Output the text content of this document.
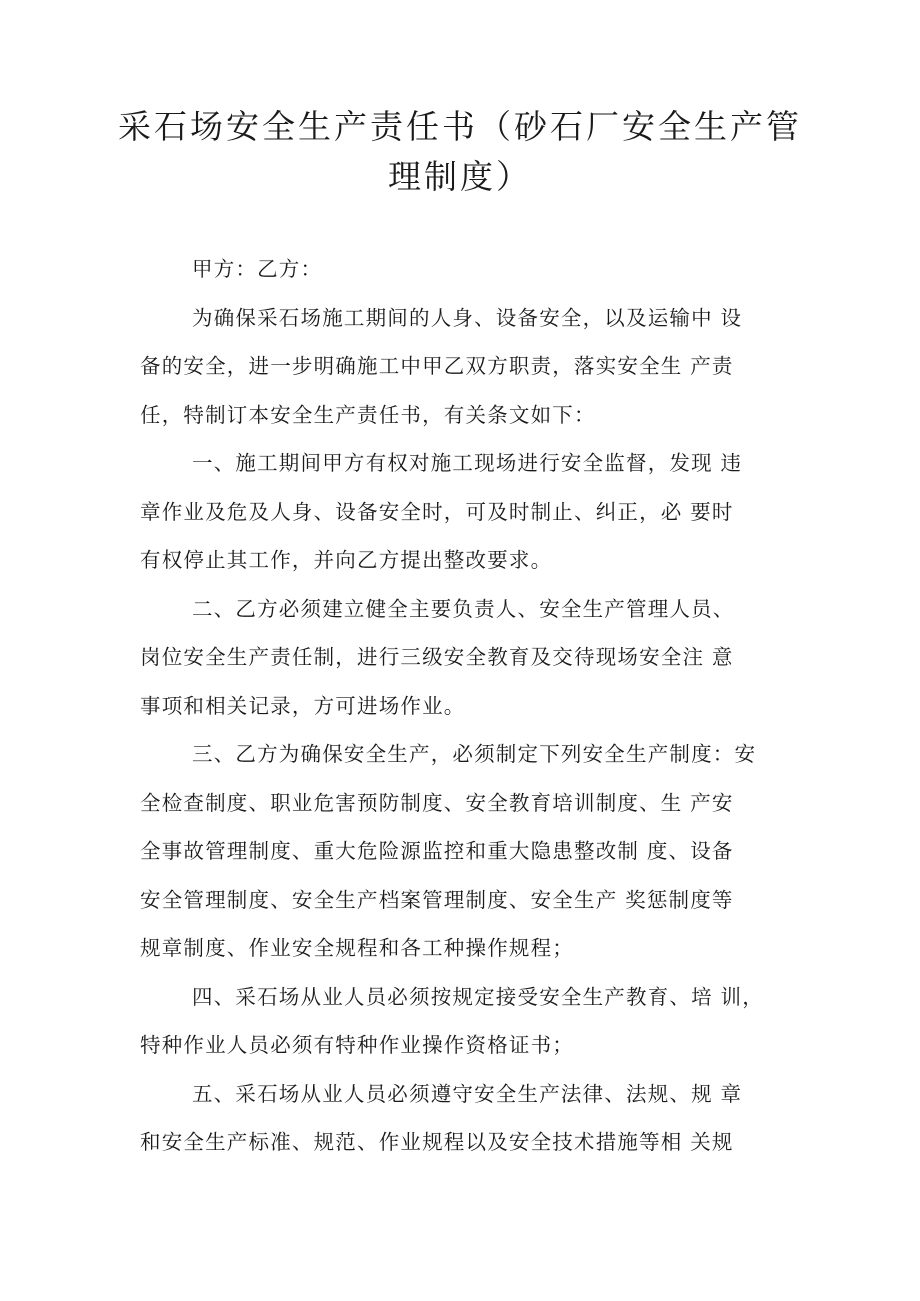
采石场安全生产责任书（砂石厂安全生产管
理制度）
甲方：乙方：
为确保采石场施工期间的人身、设备安全，以及运输中 设
备的安全，进一步明确施工中甲乙双方职责，落实安全生 产责
任，特制订本安全生产责任书，有关条文如下：
一、施工期间甲方有权对施工现场进行安全监督，发现 违
章作业及危及人身、设备安全时，可及时制止、纠正，必 要时
有权停止其工作，并向乙方提出整改要求。
二、乙方必须建立健全主要负责人、安全生产管理人员、
岗位安全生产责任制，进行三级安全教育及交待现场安全注 意
事项和相关记录，方可进场作业。
三、乙方为确保安全生产，必须制定下列安全生产制度：安
全检查制度、职业危害预防制度、安全教育培训制度、生 产安
全事故管理制度、重大危险源监控和重大隐患整改制 度、设备
安全管理制度、安全生产档案管理制度、安全生产 奖惩制度等
规章制度、作业安全规程和各工种操作规程；
四、采石场从业人员必须按规定接受安全生产教育、培 训，
特种作业人员必须有特种作业操作资格证书；
五、采石场从业人员必须遵守安全生产法律、法规、规 章
和安全生产标准、规范、作业规程以及安全技术措施等相 关规
